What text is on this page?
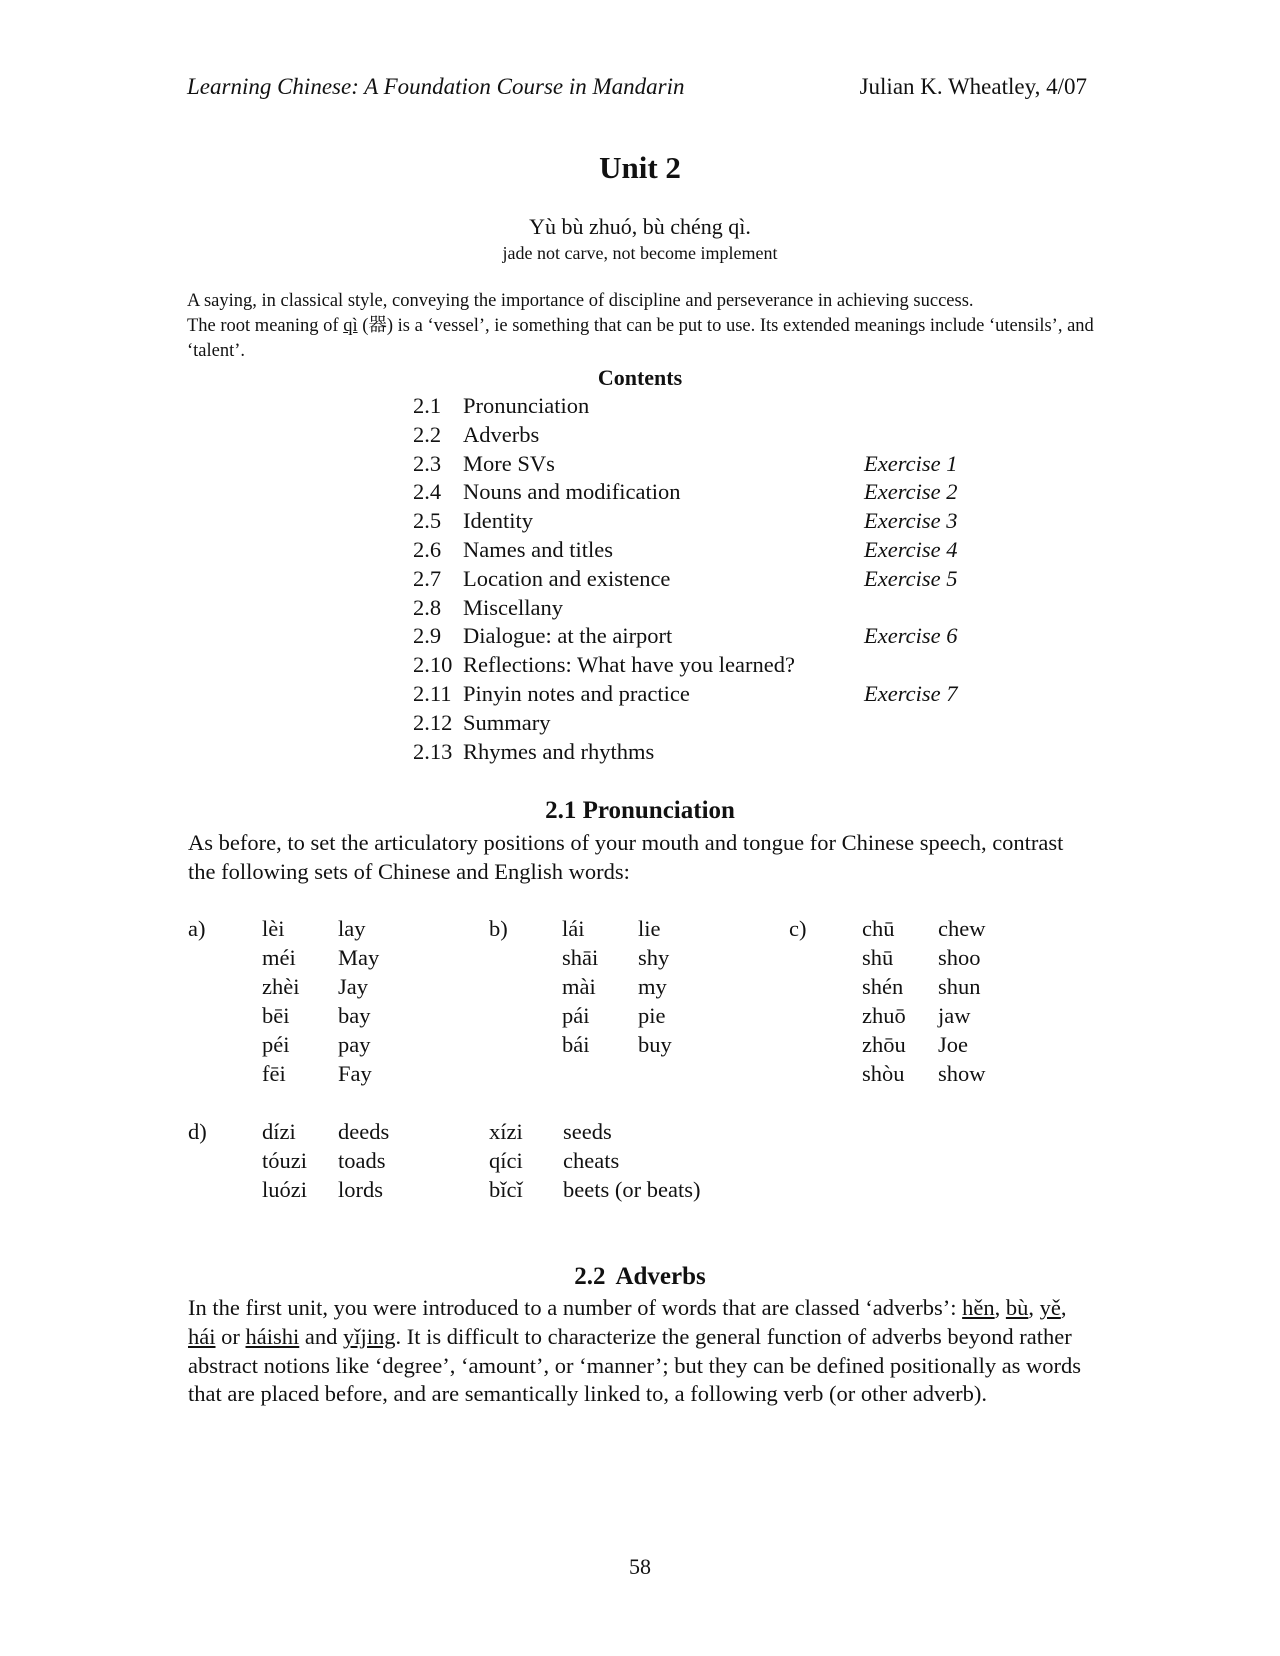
Learning Chinese: A Foundation Course in Mandarin	Julian K. Wheatley, 4/07
Unit 2
Yù bù zhuó, bù chéng qì.
jade not carve, not become implement
A saying, in classical style, conveying the importance of discipline and perseverance in achieving success.
The root meaning of qì (器) is a ‘vessel’, ie something that can be put to use. Its extended meanings include ‘utensils’, and ‘talent’.
Contents
2.1 Pronunciation
2.2 Adverbs
2.3 More SVs	Exercise 1
2.4 Nouns and modification	Exercise 2
2.5 Identity	Exercise 3
2.6 Names and titles	Exercise 4
2.7 Location and existence	Exercise 5
2.8 Miscellany
2.9 Dialogue: at the airport	Exercise 6
2.10 Reflections: What have you learned?
2.11 Pinyin notes and practice	Exercise 7
2.12 Summary
2.13 Rhymes and rhythms
2.1 Pronunciation
As before, to set the articulatory positions of your mouth and tongue for Chinese speech, contrast the following sets of Chinese and English words:
a)	lèi lay
méi May
zhèi Jay
bēi bay
péi pay
fēi Fay
b) lái lie
shāi shy
mài my
pái pie
bái buy
c) chū chew
shū shoo
shén shun
zhuō jaw
zhōu Joe
shòu show
d) dízi deeds
tóuzi toads
luózi lords
xízi seeds
qíci cheats
bǐcǐ beets (or beats)
2.2 Adverbs
In the first unit, you were introduced to a number of words that are classed ‘adverbs’: hěn, bù, yě, hái or háishi and yǐjing. It is difficult to characterize the general function of adverbs beyond rather abstract notions like ‘degree’, ‘amount’, or ‘manner’; but they can be defined positionally as words that are placed before, and are semantically linked to, a following verb (or other adverb).
58
